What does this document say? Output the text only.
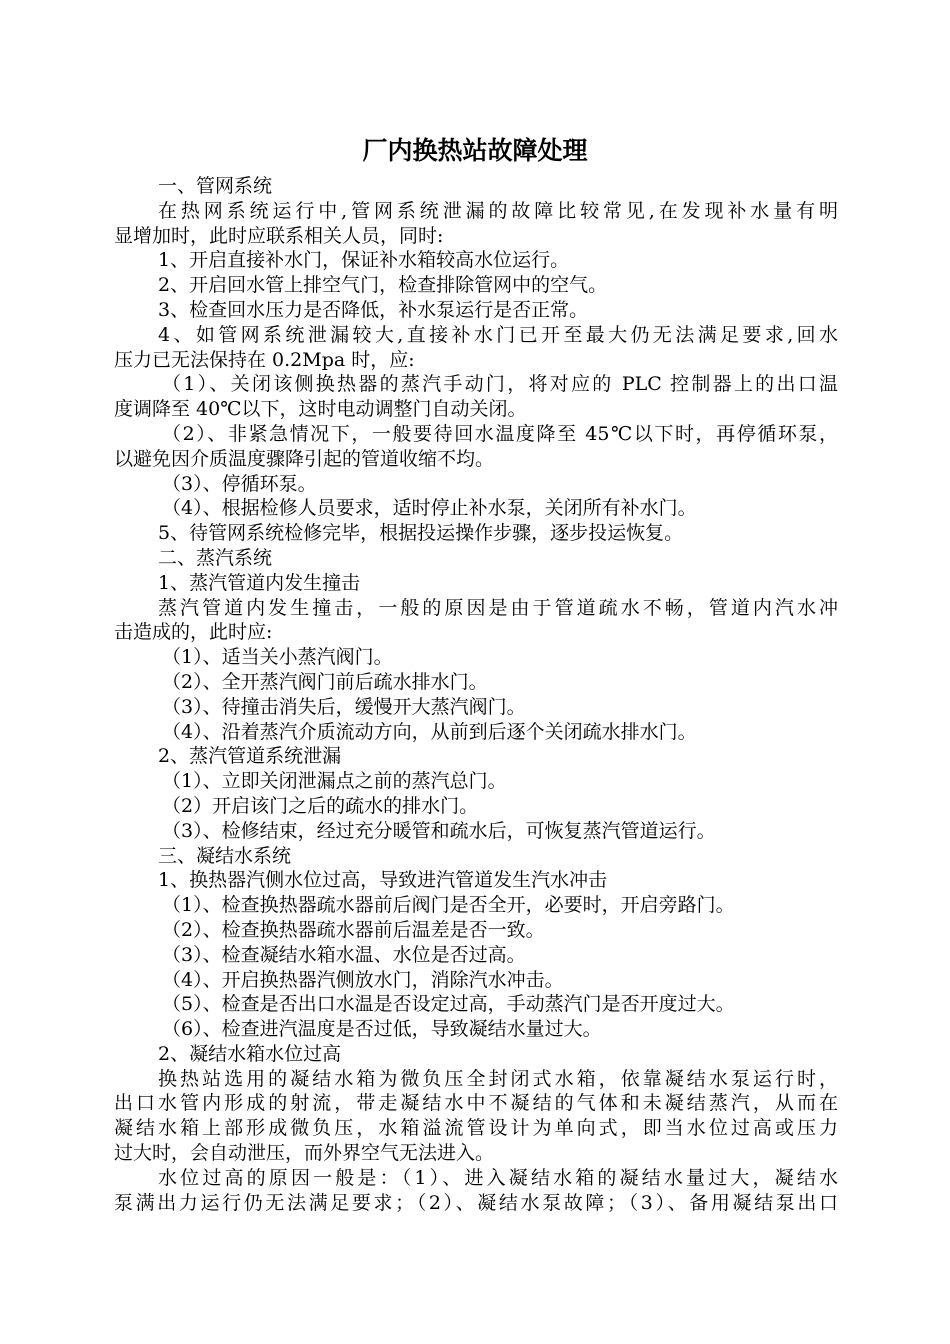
厂内换热站故障处理
一、管网系统
在热网系统运行中,管网系统泄漏的故障比较常见,在发现补水量有明
显增加时，此时应联系相关人员，同时:
1、开启直接补水门，保证补水箱较高水位运行。
2、开启回水管上排空气门，检查排除管网中的空气。
3、检查回水压力是否降低，补水泵运行是否正常。
4、如管网系统泄漏较大,直接补水门已开至最大仍无法满足要求,回水
压力已无法保持在 0.2Mpa 时，应:
（1）、关闭该侧换热器的蒸汽手动门，将对应的 PLC 控制器上的出口温
度调降至 40℃以下，这时电动调整门自动关闭。
（2）、非紧急情况下，一般要待回水温度降至 45℃以下时，再停循环泵，
以避免因介质温度骤降引起的管道收缩不均。
（3）、停循环泵。
（4）、根据检修人员要求，适时停止补水泵，关闭所有补水门。
5、待管网系统检修完毕，根据投运操作步骤，逐步投运恢复。
二、蒸汽系统
1、蒸汽管道内发生撞击
蒸汽管道内发生撞击，一般的原因是由于管道疏水不畅，管道内汽水冲
击造成的，此时应:
（1）、适当关小蒸汽阀门。
（2）、全开蒸汽阀门前后疏水排水门。
（3）、待撞击消失后，缓慢开大蒸汽阀门。
（4）、沿着蒸汽介质流动方向，从前到后逐个关闭疏水排水门。
2、蒸汽管道系统泄漏
（1）、立即关闭泄漏点之前的蒸汽总门。
（2）开启该门之后的疏水的排水门。
（3）、检修结束，经过充分暖管和疏水后，可恢复蒸汽管道运行。
三、凝结水系统
1、换热器汽侧水位过高，导致进汽管道发生汽水冲击
（1）、检查换热器疏水器前后阀门是否全开，必要时，开启旁路门。
（2）、检查换热器疏水器前后温差是否一致。
（3）、检查凝结水箱水温、水位是否过高。
（4）、开启换热器汽侧放水门，消除汽水冲击。
（5）、检查是否出口水温是否设定过高，手动蒸汽门是否开度过大。
（6）、检查进汽温度是否过低，导致凝结水量过大。
2、凝结水箱水位过高
换热站选用的凝结水箱为微负压全封闭式水箱，依靠凝结水泵运行时，
出口水管内形成的射流，带走凝结水中不凝结的气体和未凝结蒸汽，从而在
凝结水箱上部形成微负压，水箱溢流管设计为单向式，即当水位过高或压力
过大时，会自动泄压，而外界空气无法进入。
水位过高的原因一般是：（1）、进入凝结水箱的凝结水量过大，凝结水
泵满出力运行仍无法满足要求；（2）、凝结水泵故障；（3）、备用凝结泵出口
